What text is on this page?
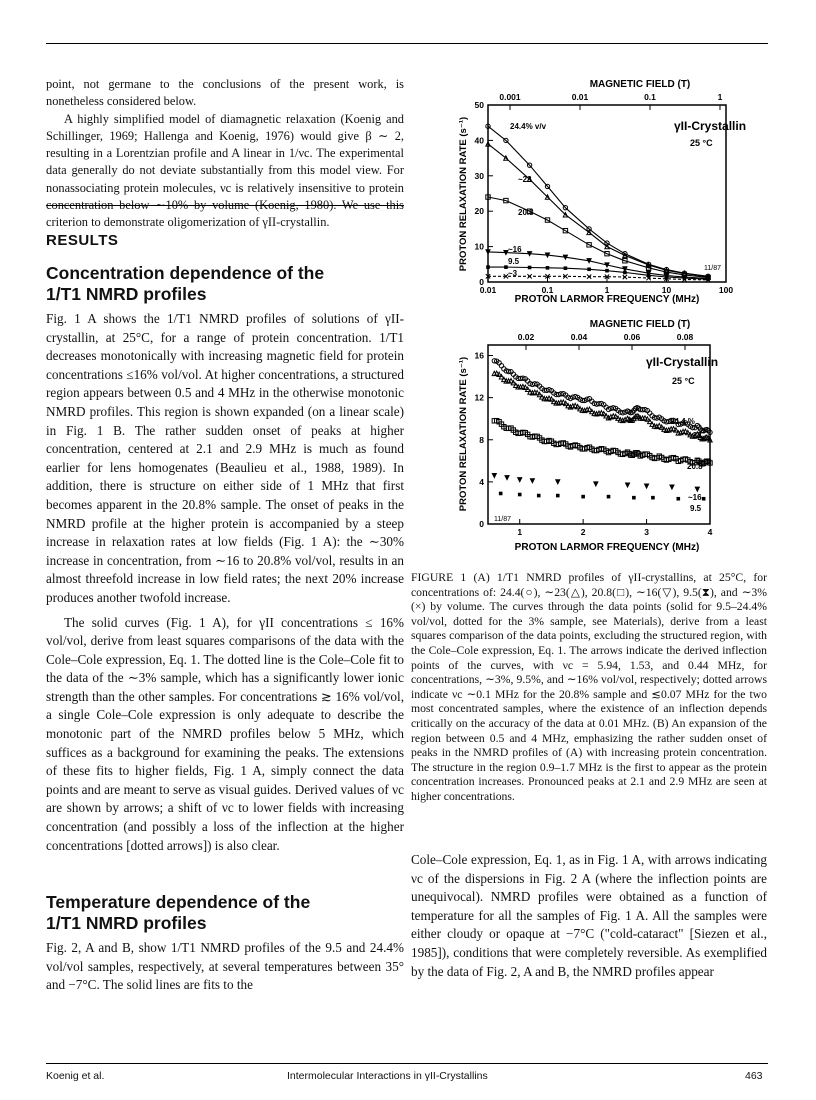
point, not germane to the conclusions of the present work, is nonetheless considered below.

A highly simplified model of diamagnetic relaxation (Koenig and Schillinger, 1969; Hallenga and Koenig, 1976) would give β ∼ 2, resulting in a Lorentzian profile and A linear in 1/νc. The experimental data generally do not deviate substantially from this model view. For nonassociating protein molecules, νc is relatively insensitive to protein concentration below ∼10% by volume (Koenig, 1980). We use this criterion to demonstrate oligomerization of γII-crystallin.

RESULTS
Concentration dependence of the
1/T1 NMRD profiles

Fig. 1 A shows the 1/T1 NMRD profiles of solutions of γII-crystallin, at 25°C, for a range of protein concentration. 1/T1 decreases monotonically with increasing magnetic field for protein concentrations ≤16% vol/vol. At higher concentrations, a structured region appears between 0.5 and 4 MHz in the otherwise monotonic NMRD profiles. This region is shown expanded (on a linear scale) in Fig. 1 B. The rather sudden onset of peaks at higher concentration, centered at 2.1 and 2.9 MHz is much as found earlier for lens homogenates (Beaulieu et al., 1988, 1989). In addition, there is structure on either side of 1 MHz that first becomes apparent in the 20.8% sample. The onset of peaks in the NMRD profile at the higher protein is accompanied by a steep increase in relaxation rates at low fields (Fig. 1 A): the ∼30% increase in concentration, from ∼16 to 20.8% vol/vol, results in an almost threefold increase in low field rates; the next 20% increase produces another twofold increase.

The solid curves (Fig. 1 A), for γII concentrations ≤ 16% vol/vol, derive from least squares comparisons of the data with the Cole–Cole expression, Eq. 1. The dotted line is the Cole–Cole fit to the data of the ∼3% sample, which has a significantly lower ionic strength than the other samples. For concentrations ≳ 16% vol/vol, a single Cole–Cole expression is only adequate to describe the monotonic part of the NMRD profiles below 5 MHz, which suffices as a background for examining the peaks. The extensions of these fits to higher fields, Fig. 1 A, simply connect the data points and are meant to serve as visual guides. Derived values of νc are shown by arrows; a shift of νc to lower fields with increasing concentration (and possibly a loss of the inflection at the higher concentrations [dotted arrows]) is also clear.

Temperature dependence of the
1/T1 NMRD profiles

Fig. 2, A and B, show 1/T1 NMRD profiles of the 9.5 and 24.4% vol/vol samples, respectively, at several temperatures between 35° and −7°C. The solid lines are fits to the

MAGNETIC FIELD (T)
0.001	0.01	0.1	1
PROTON RELAXATION RATE (s⁻¹)
0
10
20
30
40
50
0.01	0.1	1	10	100
PROTON LARMOR FREQUENCY (MHz)
γII-Crystallin
25 °C
11/87
24.4% v/v
~23
20.8
~16
9.5
~3
MAGNETIC FIELD (T)
0.02	0.04	0.06	0.08
PROTON RELAXATION RATE (s⁻¹)
0
4
8
12
16
1	2	3	4
PROTON LARMOR FREQUENCY (MHz)
γII-Crystallin
25 °C
11/87
24.4 %
~23
20.8
~16
9.5
FIGURE 1 (A) 1/T1 NMRD profiles of γII-crystallins, at 25°C, for concentrations of: 24.4(○), ∼23(△), 20.8(□), ∼16(▽), 9.5(⧗), and ∼3% (×) by volume. The curves through the data points (solid for 9.5–24.4% vol/vol, dotted for the 3% sample, see Materials), derive from a least squares comparison of the data points, excluding the structured region, with the Cole–Cole expression, Eq. 1. The arrows indicate the derived inflection points of the curves, with νc = 5.94, 1.53, and 0.44 MHz, for concentrations, ∼3%, 9.5%, and ∼16% vol/vol, respectively; dotted arrows indicate νc ∼0.1 MHz for the 20.8% sample and ≲0.07 MHz for the two most concentrated samples, where the existence of an inflection depends critically on the accuracy of the data at 0.01 MHz. (B) An expansion of the region between 0.5 and 4 MHz, emphasizing the rather sudden onset of peaks in the NMRD profiles of (A) with increasing protein concentration. The structure in the region 0.9–1.7 MHz is the first to appear as the protein concentration increases. Pronounced peaks at 2.1 and 2.9 MHz are seen at higher concentrations.

Cole–Cole expression, Eq. 1, as in Fig. 1 A, with arrows indicating νc of the dispersions in Fig. 2 A (where the inflection points are unequivocal). NMRD profiles were obtained as a function of temperature for all the samples of Fig. 1 A. All the samples were either cloudy or opaque at −7°C ("cold-cataract" [Siezen et al., 1985]), conditions that were completely reversible. As exemplified by the data of Fig. 2, A and B, the NMRD profiles appear

Koenig et al.	Intermolecular Interactions in γII-Crystallins	463
